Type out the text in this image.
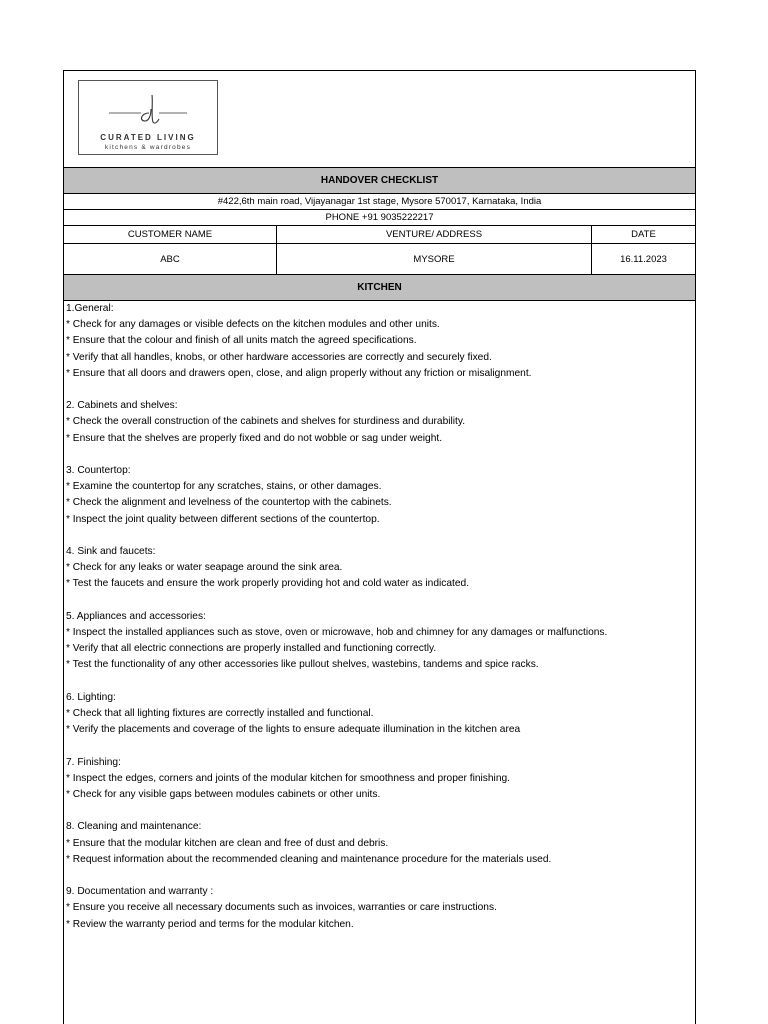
CURATED LIVING
kitchens & wardrobes
HANDOVER CHECKLIST
#422,6th main road, Vijayanagar 1st stage, Mysore 570017, Karnataka, India
PHONE +91 9035222217
CUSTOMER NAME	VENTURE/ ADDRESS	DATE
ABC	MYSORE	16.11.2023
KITCHEN
1.General:
* Check for any damages or visible defects on the kitchen modules and other units.
* Ensure that the colour and finish of all units match the agreed specifications.
* Verify that all handles, knobs, or other hardware accessories are correctly and securely fixed.
* Ensure that all doors and drawers open, close, and align properly without any friction or misalignment.
2. Cabinets and shelves:
* Check the overall construction of the cabinets and shelves for sturdiness and durability.
* Ensure that the shelves are properly fixed and do not wobble or sag under weight.
3. Countertop:
* Examine the countertop for any scratches, stains, or other damages.
* Check the alignment and levelness of the countertop with the cabinets.
* Inspect the joint quality between different sections of the countertop.
4. Sink and faucets:
* Check for any leaks or water seapage around the sink area.
* Test the faucets and ensure the work properly providing hot and cold water as indicated.
5. Appliances and accessories:
* Inspect the installed appliances such as stove, oven or microwave, hob and chimney for any damages or malfunctions.
* Verify that all electric connections are properly installed and functioning correctly.
* Test the functionality of any other accessories like pullout shelves, wastebins, tandems and spice racks.
6. Lighting:
* Check that all lighting fixtures are correctly installed and functional.
* Verify the placements and coverage of the lights to ensure adequate illumination in the kitchen area
7. Finishing:
* Inspect the edges, corners and joints of the modular kitchen for smoothness and proper finishing.
* Check for any visible gaps between modules cabinets or other units.
8. Cleaning and maintenance:
* Ensure that the modular kitchen are clean and free of dust and debris.
* Request information about the recommended cleaning and maintenance procedure for the materials used.
9. Documentation and warranty :
* Ensure you receive all necessary documents such as invoices, warranties or care instructions.
* Review the warranty period and terms for the modular kitchen.
